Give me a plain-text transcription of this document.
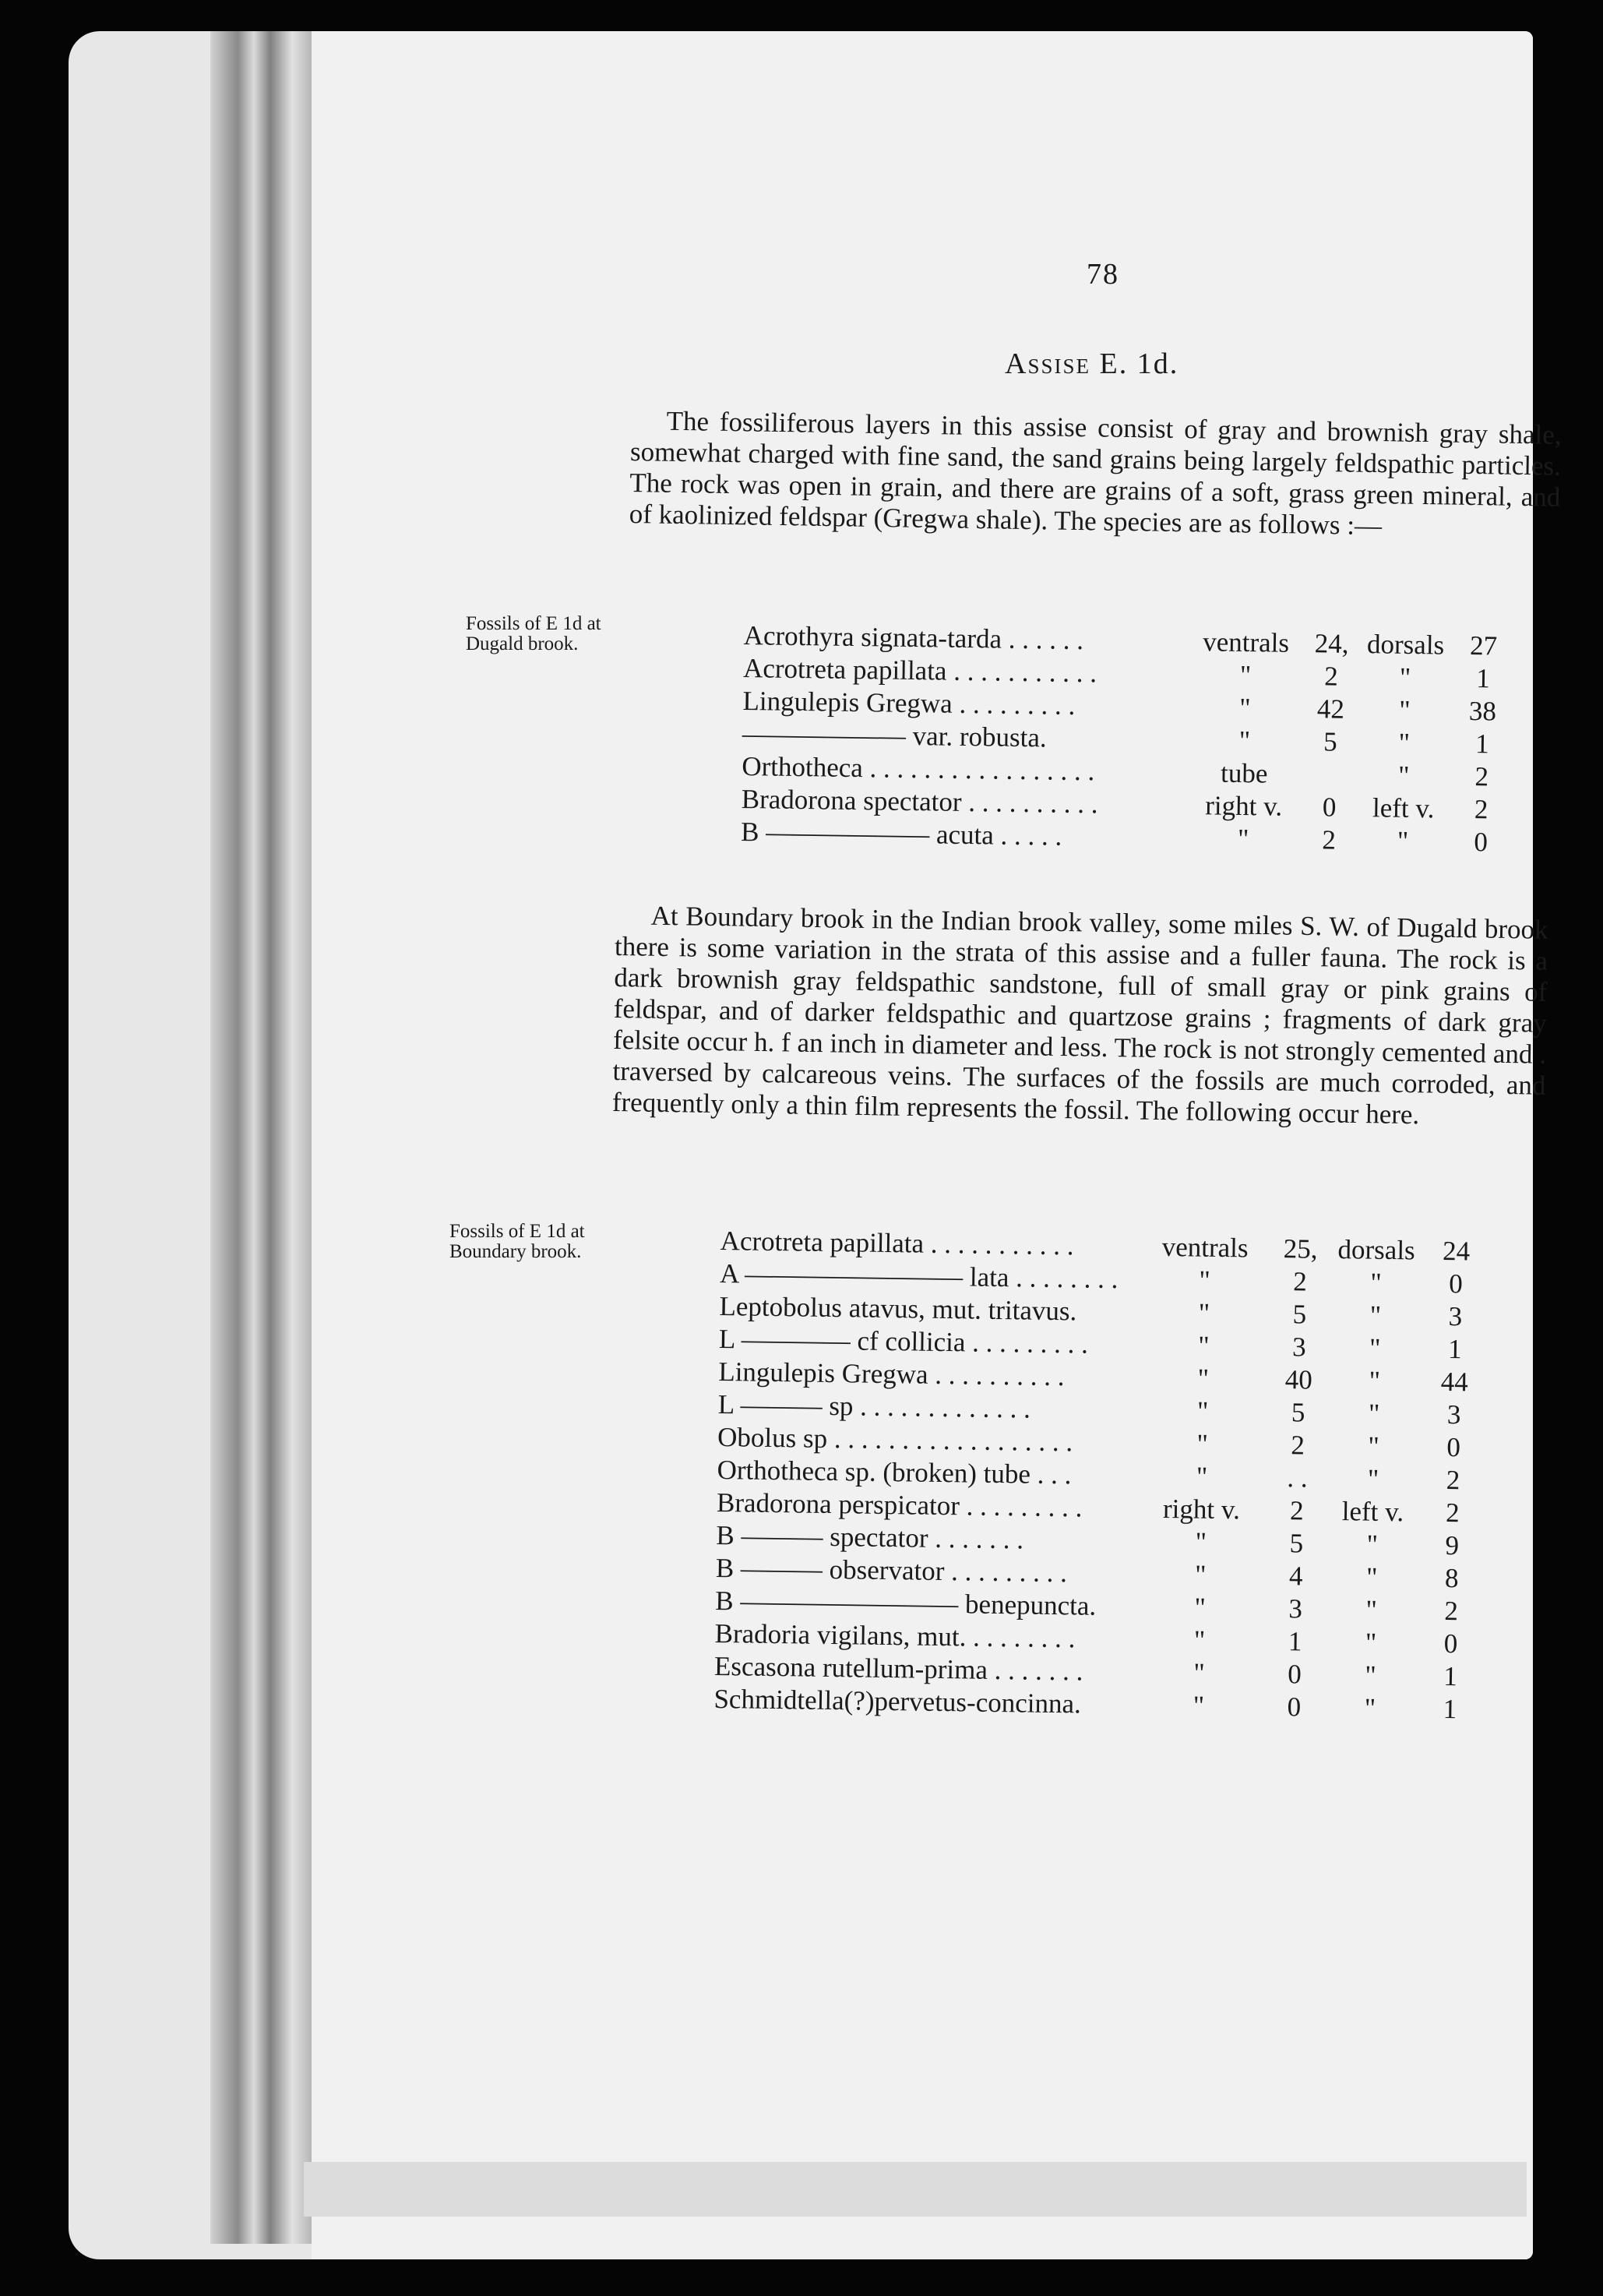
78
Assise E. 1d.
The fossiliferous layers in this assise consist of gray and brownish gray shale, somewhat charged with fine sand, the sand grains being largely feldspathic particles. The rock was open in grain, and there are grains of a soft, grass green mineral, and of kaolinized feldspar (Gregwa shale). The species are as follows :—
Fossils of E 1d at Dugald brook.	Acrothyra signata-tarda . . . . . .	ventrals	24,	dorsals	27
Acrotreta papillata . . . . . . . . . . .	"	2	"	1
Lingulepis Gregwa . . . . . . . . .	"	42	"	38
—————— var. robusta.	"	5	"	1
Orthotheca . . . . . . . . . . . . . . . . .	tube		"	2
Bradorona spectator . . . . . . . . . .	right v.	0	left v.	2
B —————— acuta . . . . .	"	2	"	0
At Boundary brook in the Indian brook valley, some miles S. W. of Dugald brook there is some variation in the strata of this assise and a fuller fauna. The rock is a dark brownish gray feldspathic sandstone, full of small gray or pink grains of feldspar, and of darker feldspathic and quartzose grains ; fragments of dark gray felsite occur h. f an inch in diameter and less. The rock is not strongly cemented and . traversed by calcareous veins. The surfaces of the fossils are much corroded, and frequently only a thin film represents the fossil. The following occur here.
Fossils of E 1d at Boundary brook.	Acrotreta papillata . . . . . . . . . . .	ventrals	25,	dorsals	24
A ———————— lata . . . . . . . .	"	2	"	0
Leptobolus atavus, mut. tritavus.	"	5	"	3
L ———— cf collicia . . . . . . . . .	"	3	"	1
Lingulepis Gregwa . . . . . . . . . .	"	40	"	44
L ——— sp . . . . . . . . . . . . .	"	5	"	3
Obolus sp . . . . . . . . . . . . . . . . . .	"	2	"	0
Orthotheca sp. (broken) tube . . .	"	. .	"	2
Bradorona perspicator . . . . . . . . .	right v.	2	left v.	2
B ——— spectator . . . . . . .	"	5	"	9
B ——— observator . . . . . . . . .	"	4	"	8
B ———————— benepuncta.	"	3	"	2
Bradoria vigilans, mut. . . . . . . . .	"	1	"	0
Escasona rutellum-prima . . . . . . .	"	0	"	1
Schmidtella(?)pervetus-concinna.	"	0	"	1
